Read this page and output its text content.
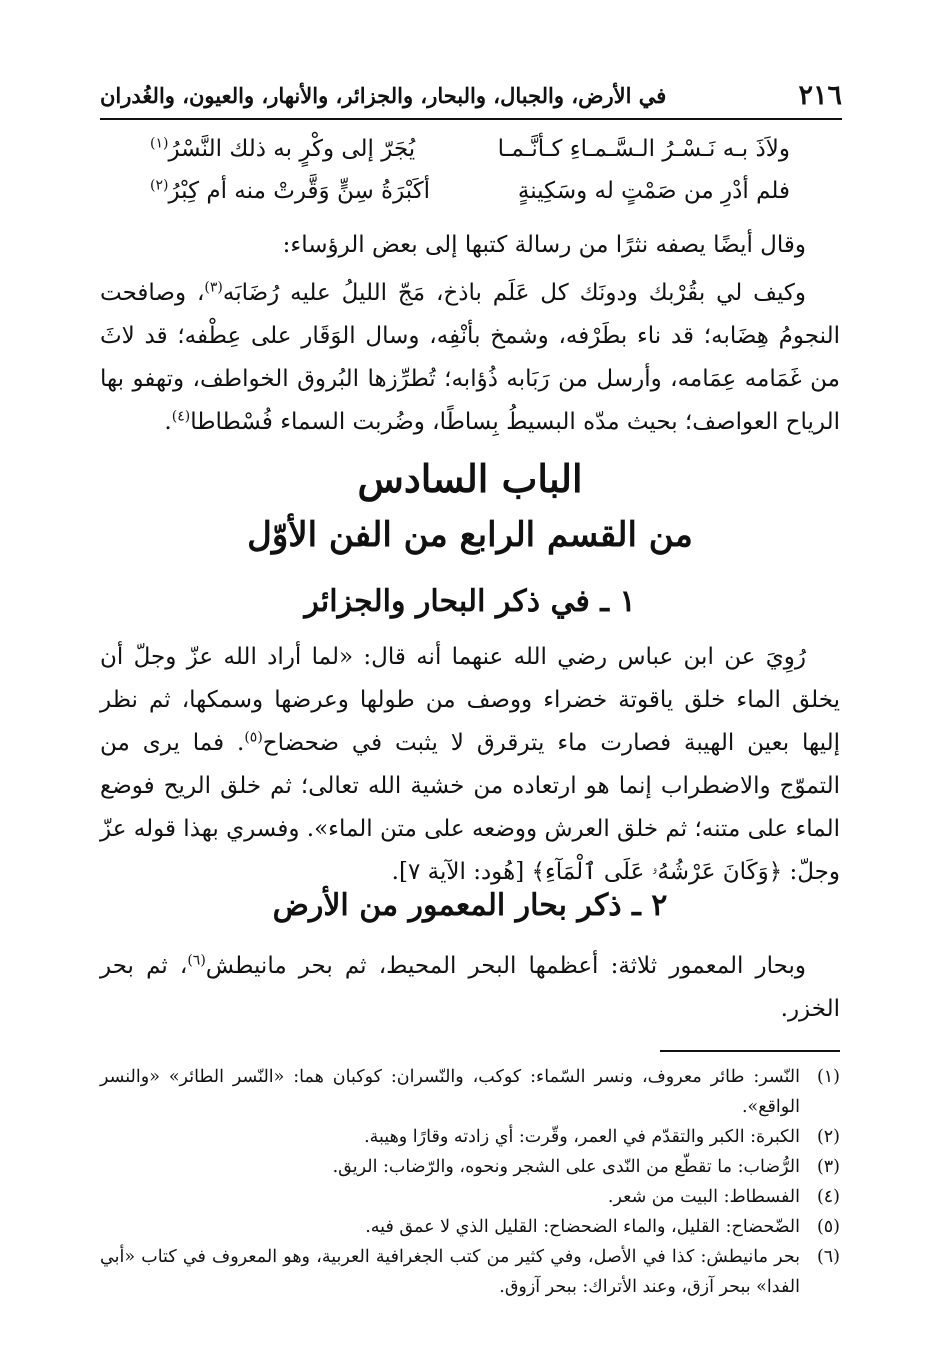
٢١٦
في الأرض، والجبال، والبحار، والجزائر، والأنهار، والعيون، والغُدران
ولاَذَ بـه نَـسْـرُ الـسَّـمـاءِ كـأنَّـمـا
يُجَرّ إلى وكْرٍ به ذلك النَّسْرُ$^{(١)}$
فلم أدْرِ من صَمْتٍ له وسَكِينةٍ
أكَبْرَةُ سِنٍّ وَقَّرتْ منه أم كِبْرُ$^{(٢)}$

وقال أيضًا يصفه نثرًا من رسالة كتبها إلى بعض الرؤساء:

وكيف لي بقُرْبك ودونَك كل عَلَم باذخ، مَجّ الليلُ عليه رُضَابَه$^{(٣)}$، وصافحت النجومُ هِضَابه؛ قد ناء بطَرْفه، وشمخ بأنْفِه، وسال الوَقَار على عِطْفه؛ قد لاثَ من غَمَامه عِمَامه، وأرسل من رَبَابه ذُؤابه؛ تُطرِّزها البُروق الخواطف، وتهفو بها الرياح العواصف؛ بحيث مدّه البسيطُ بِساطًا، وضُربت السماء فُسْطاطا$^{(٤)}$.

الباب السادس
من القسم الرابع من الفن الأوّل
١ ـ في ذكر البحار والجزائر

رُوِيَ عن ابن عباس رضي الله عنهما أنه قال: «لما أراد الله عزّ وجلّ أن يخلق الماء خلق ياقوتة خضراء ووصف من طولها وعرضها وسمكها، ثم نظر إليها بعين الهيبة فصارت ماء يترقرق لا يثبت في ضحضاح$^{(٥)}$. فما يرى من التموّج والاضطراب إنما هو ارتعاده من خشية الله تعالى؛ ثم خلق الريح فوضع الماء على متنه؛ ثم خلق العرش ووضعه على متن الماء». وفسري بهذا قوله عزّ وجلّ: ﴿وَكَانَ عَرْشُهُۥ عَلَى ٱلْمَآءِ﴾ [هُود: الآية ٧].

٢ ـ ذكر بحار المعمور من الأرض

وبحار المعمور ثلاثة: أعظمها البحر المحيط، ثم بحر مانيطش$^{(٦)}$، ثم بحر الخزر.

(١)
النّسر: طائر معروف، ونسر السّماء: كوكب، والنّسران: كوكبان هما: «النّسر الطائر» «والنسر الواقع».
(٢)
الكبرة: الكبر والتقدّم في العمر، وقّرت: أي زادته وقارًا وهيبة.
(٣)
الرُّضاب: ما تقطّع من النّدى على الشجر ونحوه، والرّضاب: الريق.
(٤)
الفسطاط: البيت من شعر.
(٥)
الضّحضاح: القليل، والماء الضحضاح: القليل الذي لا عمق فيه.
(٦)
بحر مانيطش: كذا في الأصل، وفي كثير من كتب الجغرافية العربية، وهو المعروف في كتاب «أبي الفدا» ببحر آزق، وعند الأتراك: ببحر آزوق.
